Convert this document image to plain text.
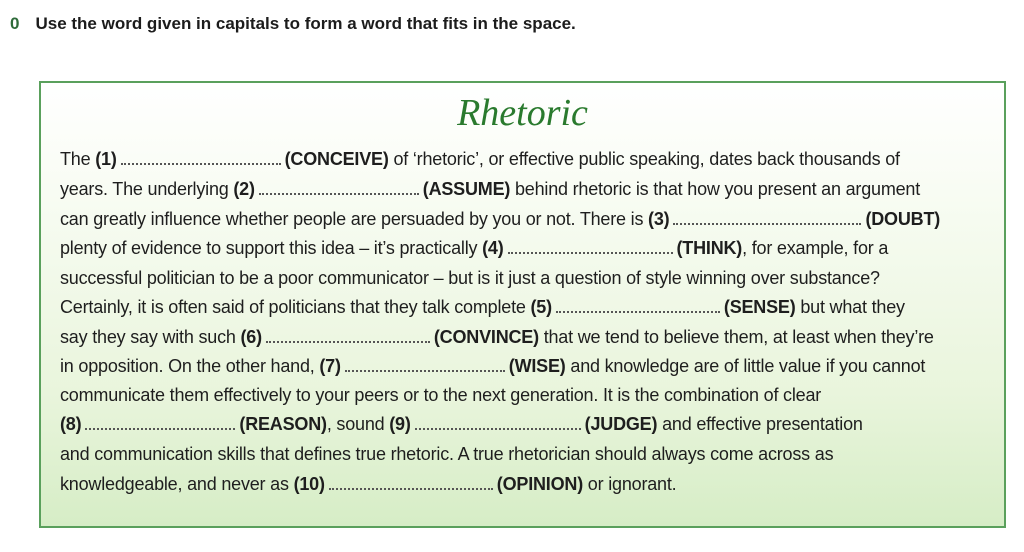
0 Use the word given in capitals to form a word that fits in the space.
Rhetoric
The (1)	(CONCEIVE) of ‘rhetoric’, or effective public speaking, dates back thousands of
years. The underlying (2)	(ASSUME) behind rhetoric is that how you present an argument
can greatly influence whether people are persuaded by you or not. There is (3)	(DOUBT)
plenty of evidence to support this idea – it’s practically (4)	(THINK), for example, for a
successful politician to be a poor communicator – but is it just a question of style winning over substance?
Certainly, it is often said of politicians that they talk complete (5)	(SENSE) but what they
say they say with such (6)	(CONVINCE) that we tend to believe them, at least when they’re
in opposition. On the other hand, (7)	(WISE) and knowledge are of little value if you cannot
communicate them effectively to your peers or to the next generation. It is the combination of clear
(8)	(REASON), sound (9)	(JUDGE) and effective presentation
and communication skills that defines true rhetoric. A true rhetorician should always come across as
knowledgeable, and never as (10)	(OPINION) or ignorant.
